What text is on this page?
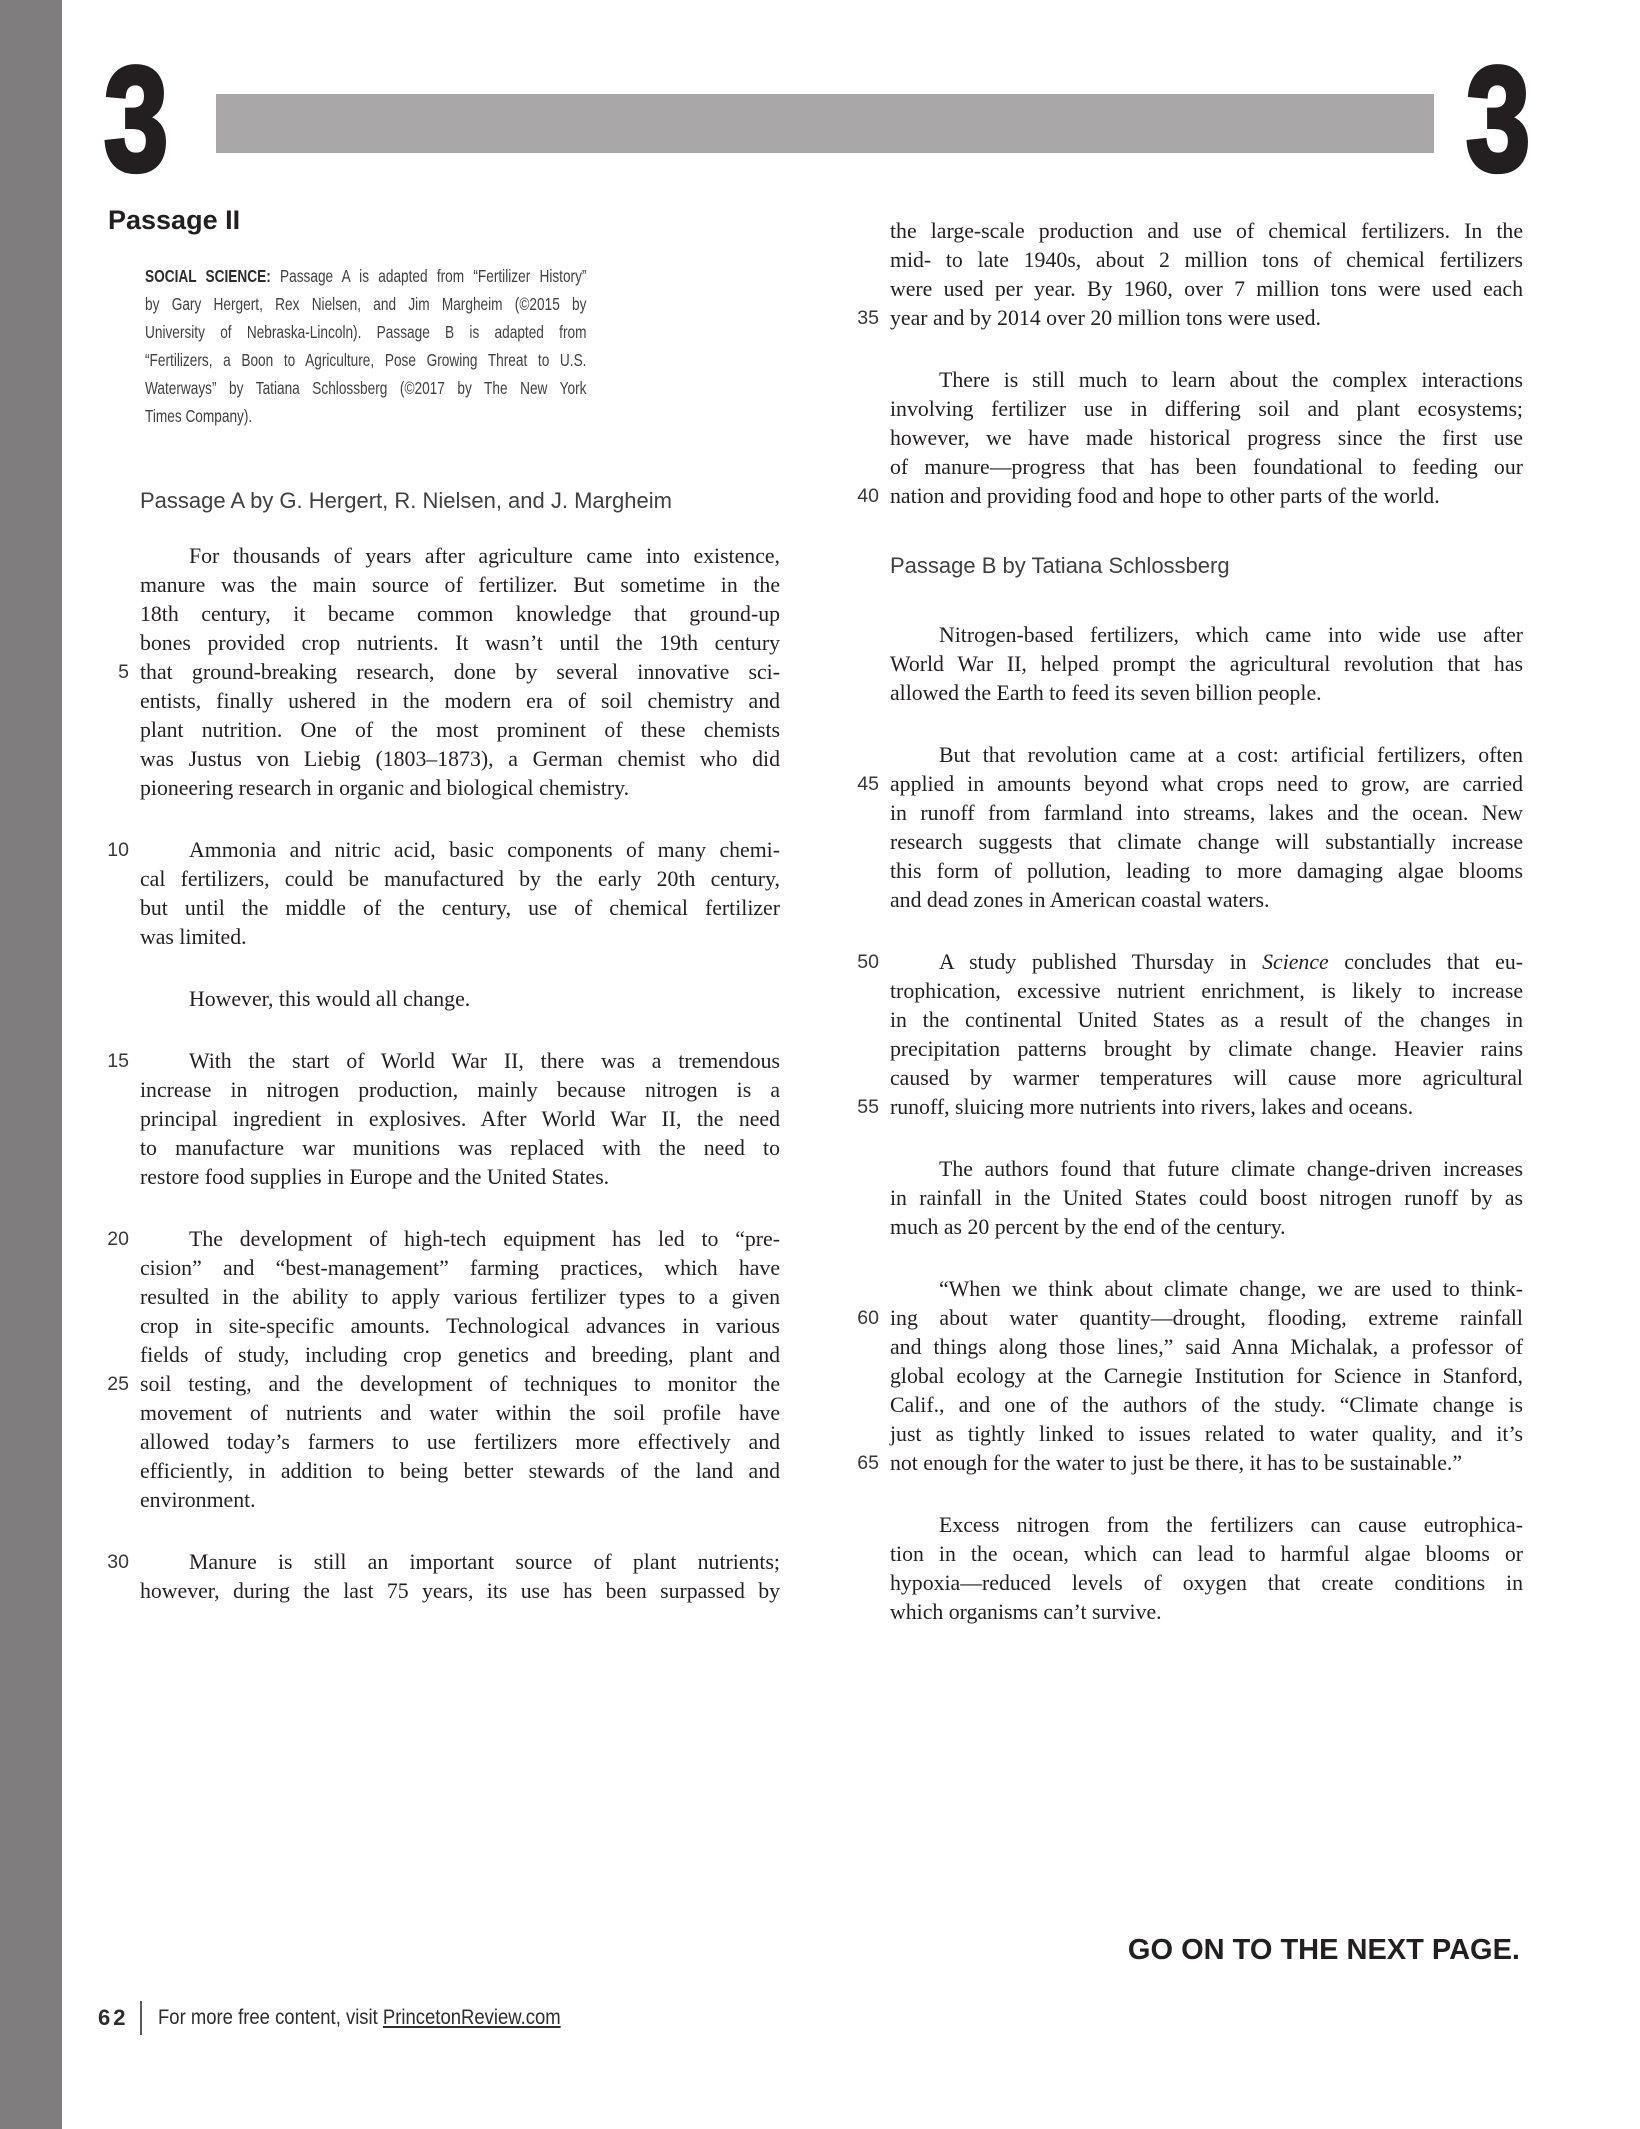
3	3
Passage II
SOCIAL SCIENCE: Passage A is adapted from “Fertilizer History”
by Gary Hergert, Rex Nielsen, and Jim Margheim (©2015 by
University of Nebraska-Lincoln). Passage B is adapted from
“Fertilizers, a Boon to Agriculture, Pose Growing Threat to U.S.
Waterways” by Tatiana Schlossberg (©2017 by The New York
Times Company).
Passage A by G. Hergert, R. Nielsen, and J. Margheim
For thousands of years after agriculture came into existence,
manure was the main source of fertilizer. But sometime in the
18th century, it became common knowledge that ground-up
bones provided crop nutrients. It wasn’t until the 19th century
5 that ground-breaking research, done by several innovative sci-
entists, finally ushered in the modern era of soil chemistry and
plant nutrition. One of the most prominent of these chemists
was Justus von Liebig (1803–1873), a German chemist who did
pioneering research in organic and biological chemistry.
10	Ammonia and nitric acid, basic components of many chemi-
cal fertilizers, could be manufactured by the early 20th century,
but until the middle of the century, use of chemical fertilizer
was limited.
However, this would all change.
15	With the start of World War II, there was a tremendous
increase in nitrogen production, mainly because nitrogen is a
principal ingredient in explosives. After World War II, the need
to manufacture war munitions was replaced with the need to
restore food supplies in Europe and the United States.
20	The development of high-tech equipment has led to “pre-
cision” and “best-management” farming practices, which have
resulted in the ability to apply various fertilizer types to a given
crop in site-specific amounts. Technological advances in various
fields of study, including crop genetics and breeding, plant and
25 soil testing, and the development of techniques to monitor the
movement of nutrients and water within the soil profile have
allowed today’s farmers to use fertilizers more effectively and
efficiently, in addition to being better stewards of the land and
environment.
30	Manure is still an important source of plant nutrients;
however, during the last 75 years, its use has been surpassed by
the large-scale production and use of chemical fertilizers. In the
mid- to late 1940s, about 2 million tons of chemical fertilizers
were used per year. By 1960, over 7 million tons were used each
35 year and by 2014 over 20 million tons were used.
There is still much to learn about the complex interactions
involving fertilizer use in differing soil and plant ecosystems;
however, we have made historical progress since the first use
of manure—progress that has been foundational to feeding our
40 nation and providing food and hope to other parts of the world.
Passage B by Tatiana Schlossberg
Nitrogen-based fertilizers, which came into wide use after
World War II, helped prompt the agricultural revolution that has
allowed the Earth to feed its seven billion people.
But that revolution came at a cost: artificial fertilizers, often
45 applied in amounts beyond what crops need to grow, are carried
in runoff from farmland into streams, lakes and the ocean. New
research suggests that climate change will substantially increase
this form of pollution, leading to more damaging algae blooms
and dead zones in American coastal waters.
50	A study published Thursday in Science concludes that eu-
trophication, excessive nutrient enrichment, is likely to increase
in the continental United States as a result of the changes in
precipitation patterns brought by climate change. Heavier rains
caused by warmer temperatures will cause more agricultural
55 runoff, sluicing more nutrients into rivers, lakes and oceans.
The authors found that future climate change-driven increases
in rainfall in the United States could boost nitrogen runoff by as
much as 20 percent by the end of the century.
“When we think about climate change, we are used to think-
60 ing about water quantity—drought, flooding, extreme rainfall
and things along those lines,” said Anna Michalak, a professor of
global ecology at the Carnegie Institution for Science in Stanford,
Calif., and one of the authors of the study. “Climate change is
just as tightly linked to issues related to water quality, and it’s
65 not enough for the water to just be there, it has to be sustainable.”
Excess nitrogen from the fertilizers can cause eutrophica-
tion in the ocean, which can lead to harmful algae blooms or
hypoxia—reduced levels of oxygen that create conditions in
which organisms can’t survive.
GO ON TO THE NEXT PAGE.
62 For more free content, visit PrincetonReview.com
